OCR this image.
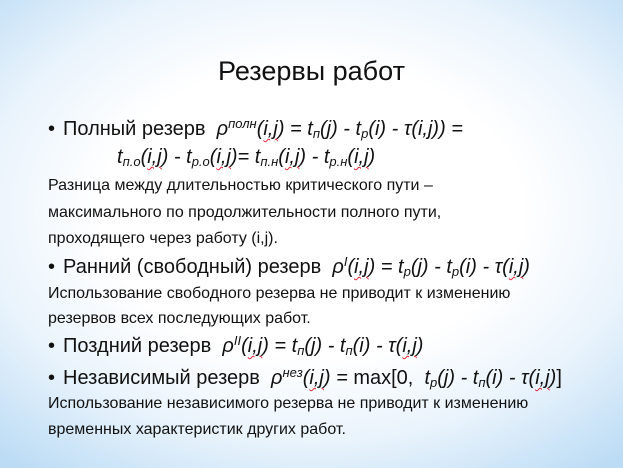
Резервы работ
• Полный резерв  $\rho^{полн}(i,j) = t_п(j) - t_р(i) - \tau(i,j)$) =
$t_{п.о}(i,j) - t_{р.о}(i,j)= t_{п.н}(i,j) - t_{р.н}(i,j)$
Разница между длительностью критического пути –
максимального по продолжительности полного пути,
проходящего через работу (i,j).
• Ранний (свободный) резерв  $\rho^I(i,j) = t_р(j) - t_р(i) - \tau(i,j)$
Использование свободного резерва не приводит к изменению
резервов всех последующих работ.
• Поздний резерв  $\rho^{II}(i,j) = t_п(j) - t_п(i) - \tau(i,j)$
• Независимый резерв  $\rho^{нез}(i,j) = \max[0$,  $t_р(j) - t_п(i) - \tau(i,j)$]
Использование независимого резерва не приводит к изменению
временных характеристик других работ.
